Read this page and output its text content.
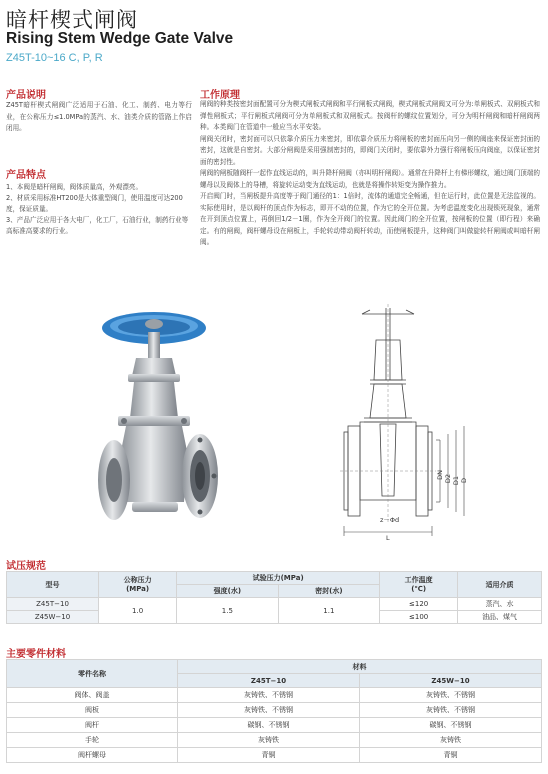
暗杆楔式闸阀
Rising Stem Wedge Gate Valve
Z45T-10~16 C, P, R
产品说明
Z45T暗杆楔式闸阀广泛适用于石油、化工、制药、电力等行业，在公称压力≤1.0MPa的蒸汽、水、油类介质的管路上作启闭用。
产品特点
1、本阀是暗杆闸阀，阀体质量高，外观漂亮。
2、材质采用标准HT200是大体重型阀门，使用温度可达200度，保证质量。
3、产品广泛应用于各大电厂，化工厂，石油行业，制药行业等高标准高要求的行业。
工作原理
闸阀的种类按密封面配置可分为楔式闸板式闸阀和平行闸板式闸阀，楔式闸板式闸阀又可分为:单闸板式、双闸板式和弹性闸板式；平行闸板式闸阀可分为单闸板式和双闸板式。按阀杆的螺纹位置划分，可分为明杆闸阀和暗杆闸阀两种。本类阀门在管道中一般应当水平安装。
闸阀关闭时，密封面可以只依靠介质压力来密封，即依靠介质压力将闸板的密封面压向另一侧的阀座来保证密封面的密封，这就是自密封。大部分闸阀是采用强制密封的，即阀门关闭时，要依靠外力强行将闸板压向阀座，以保证密封面的密封性。
闸阀的闸板随阀杆一起作直线运动的，叫升降杆闸阀（亦叫明杆闸阀）。通常在升降杆上有梯形螺纹，通过阀门顶端的螺母以及阀体上的导槽，将旋转运动变为直线运动，也就是将操作转矩变为操作推力。
开启阀门时，当闸板提升高度等于阀门通径的1：1倍时，流体的通道完全畅通，但在运行时，此位置是无法监视的。实际使用时，是以阀杆的顶点作为标志，即开不动的位置，作为它的全开位置。为考虑温度变化出现锁死现象，通常在开到顶点位置上，再倒回1/2－1圈，作为全开阀门的位置。因此阀门的全开位置，按闸板的位置（即行程）来确定。有的闸阀，阀杆螺母设在闸板上，手轮转动带动阀杆转动，而使闸板提升，这种阀门叫做旋转杆闸阀或叫暗杆闸阀。
DN D2 D1 D
z－Φd
L
试压规范
型号	公称压力
(MPa)	试验压力(MPa)		工作温度
(℃)	适用介质
		强度(水)	密封(水)		
Z45T−10	1.0	1.5	1.1	≤120	蒸汽、水
Z45W−10				≤100	油品、煤气
主要零件材料
零件名称	材料	
	Z45T−10	Z45W−10
阀体、阀盖	灰铸铁、不锈钢	灰铸铁、不锈钢
阀板	灰铸铁、不锈钢	灰铸铁、不锈钢
阀杆	碳钢、不锈钢	碳钢、不锈钢
手轮	灰铸铁	灰铸铁
阀杆螺母	青铜	青铜
